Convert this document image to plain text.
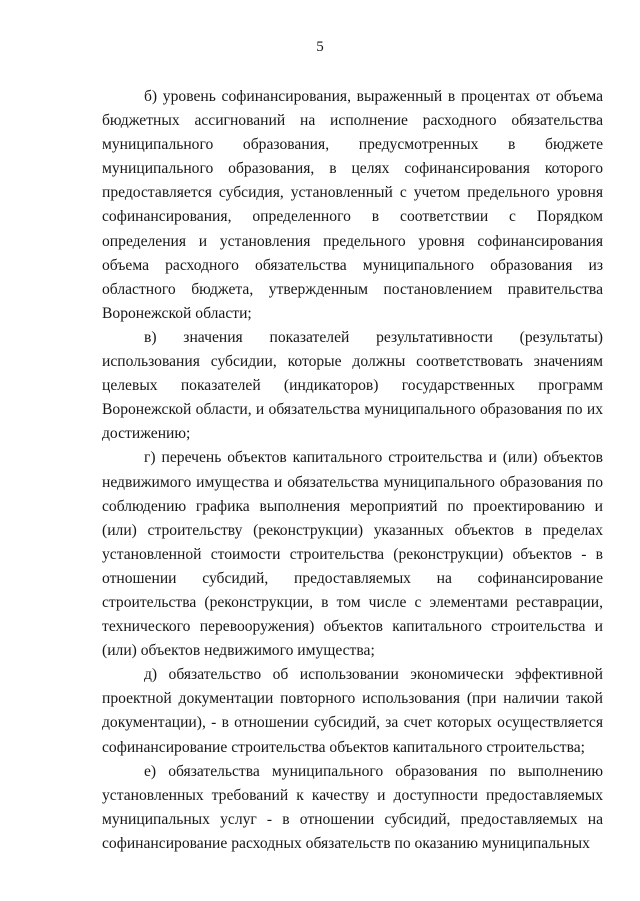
5

б) уровень софинансирования, выраженный в процентах от объема бюджетных ассигнований на исполнение расходного обязательства муниципального образования, предусмотренных в бюджете муниципального образования, в целях софинансирования которого предоставляется субсидия, установленный с учетом предельного уровня софинансирования, определенного в соответствии с Порядком определения и установления предельного уровня софинансирования объема расходного обязательства муниципального образования из областного бюджета, утвержденным постановлением правительства Воронежской области;

в) значения показателей результативности (результаты) использования субсидии, которые должны соответствовать значениям целевых показателей (индикаторов) государственных программ Воронежской области, и обязательства муниципального образования по их достижению;

г) перечень объектов капитального строительства и (или) объектов недвижимого имущества и обязательства муниципального образования по соблюдению графика выполнения мероприятий по проектированию и (или) строительству (реконструкции) указанных объектов в пределах установленной стоимости строительства (реконструкции) объектов - в отношении субсидий, предоставляемых на софинансирование строительства (реконструкции, в том числе с элементами реставрации, технического перевооружения) объектов капитального строительства и (или) объектов недвижимого имущества;

д) обязательство об использовании экономически эффективной проектной документации повторного использования (при наличии такой документации), - в отношении субсидий, за счет которых осуществляется софинансирование строительства объектов капитального строительства;

е) обязательства муниципального образования по выполнению установленных требований к качеству и доступности предоставляемых муниципальных услуг - в отношении субсидий, предоставляемых на софинансирование расходных обязательств по оказанию муниципальных
